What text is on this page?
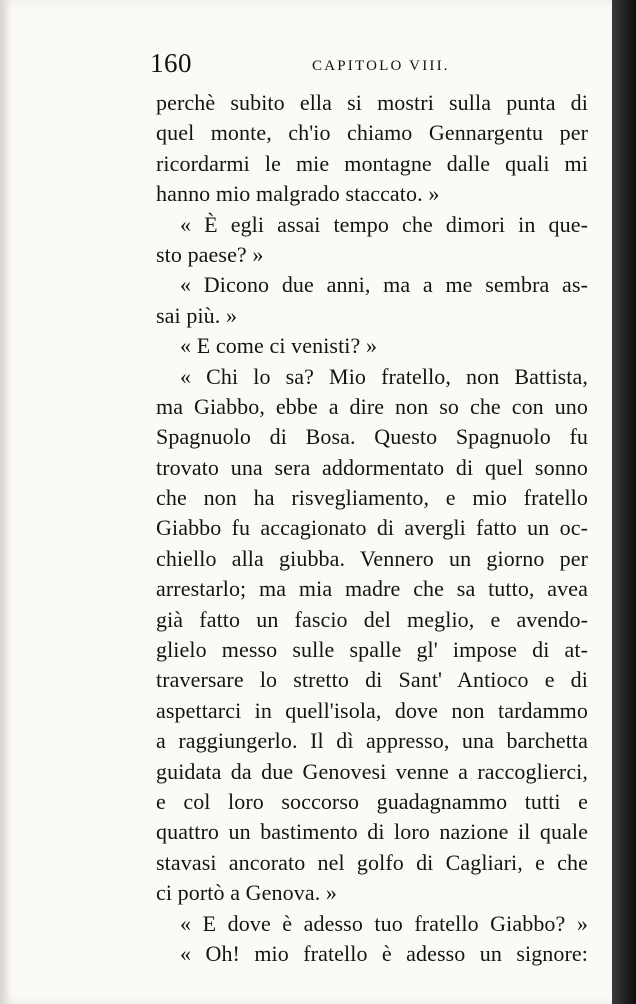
160	CAPITOLO VIII.
perchè subito ella si mostri sulla punta di
quel monte, ch'io chiamo Gennargentu per
ricordarmi le mie montagne dalle quali mi
hanno mio malgrado staccato. »
« È egli assai tempo che dimori in que-
sto paese? »
« Dicono due anni, ma a me sembra as-
sai più. »
« E come ci venisti? »
« Chi lo sa? Mio fratello, non Battista,
ma Giabbo, ebbe a dire non so che con uno
Spagnuolo di Bosa. Questo Spagnuolo fu
trovato una sera addormentato di quel sonno
che non ha risvegliamento, e mio fratello
Giabbo fu accagionato di avergli fatto un oc-
chiello alla giubba. Vennero un giorno per
arrestarlo; ma mia madre che sa tutto, avea
già fatto un fascio del meglio, e avendo-
glielo messo sulle spalle gl' impose di at-
traversare lo stretto di Sant' Antioco e di
aspettarci in quell'isola, dove non tardammo
a raggiungerlo. Il dì appresso, una barchetta
guidata da due Genovesi venne a raccoglierci,
e col loro soccorso guadagnammo tutti e
quattro un bastimento di loro nazione il quale
stavasi ancorato nel golfo di Cagliari, e che
ci portò a Genova. »
« E dove è adesso tuo fratello Giabbo? »
« Oh! mio fratello è adesso un signore:
